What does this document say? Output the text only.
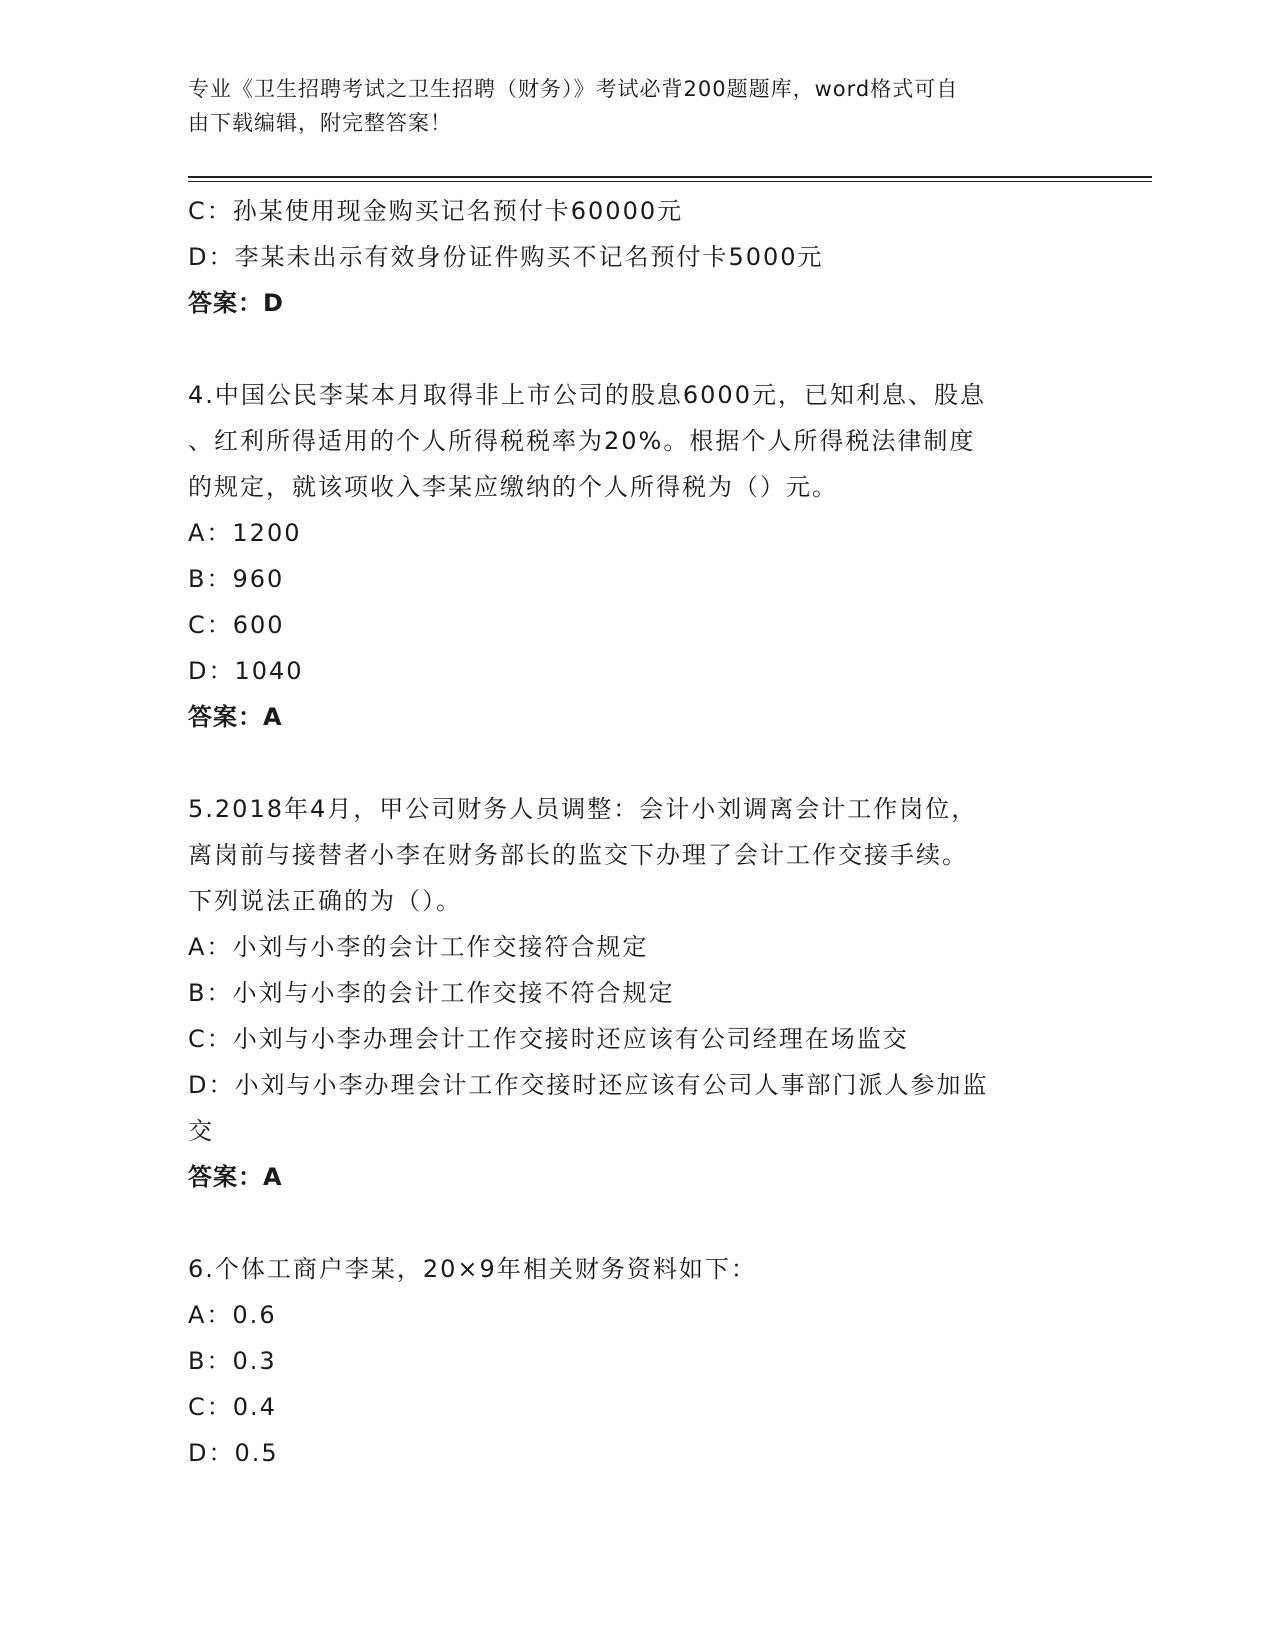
专业《卫生招聘考试之卫生招聘（财务）》考试必背200题题库，word格式可自
由下载编辑，附完整答案！
C：孙某使用现金购买记名预付卡60000元
D：李某未出示有效身份证件购买不记名预付卡5000元
答案：D
4.中国公民李某本月取得非上市公司的股息6000元，已知利息、股息
、红利所得适用的个人所得税税率为20%。根据个人所得税法律制度
的规定，就该项收入李某应缴纳的个人所得税为（）元。
A：1200
B：960
C：600
D：1040
答案：A
5.2018年4月，甲公司财务人员调整：会计小刘调离会计工作岗位，
离岗前与接替者小李在财务部长的监交下办理了会计工作交接手续。
下列说法正确的为（）。
A：小刘与小李的会计工作交接符合规定
B：小刘与小李的会计工作交接不符合规定
C：小刘与小李办理会计工作交接时还应该有公司经理在场监交
D：小刘与小李办理会计工作交接时还应该有公司人事部门派人参加监
交
答案：A
6.个体工商户李某，20×9年相关财务资料如下：
A：0.6
B：0.3
C：0.4
D：0.5
